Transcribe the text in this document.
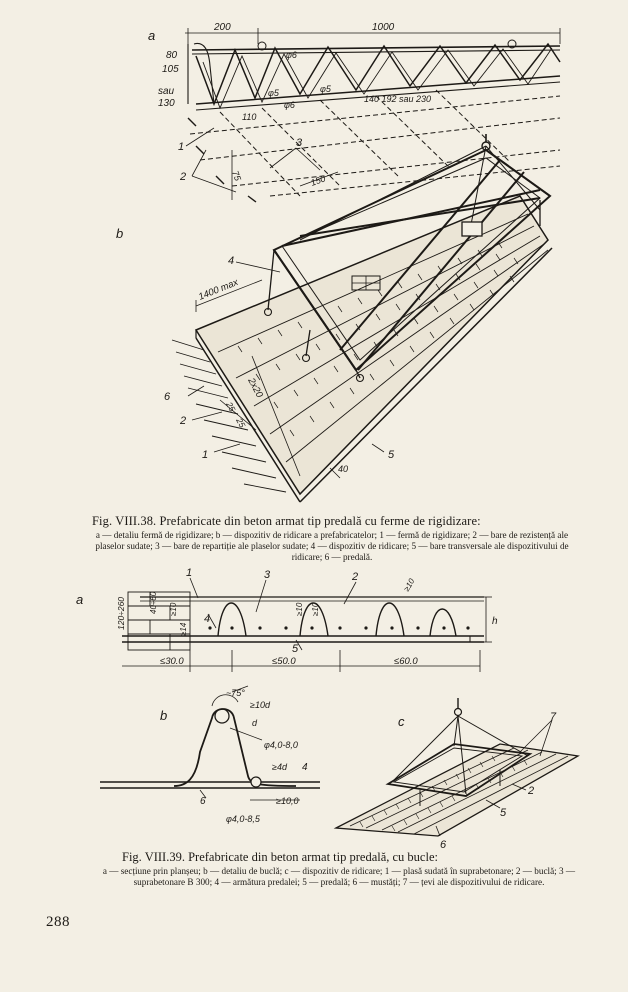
a
200	1000
80
105
sau
130
φ6
φ5	φ5
φ6
140 192 sau 230
110
1
2
3
75	150
b
4
6
2
1	5
1400 max
2x20
25
25
40
a
1	3	2
4
5
120÷260	40÷60 ≥10	≥10 ≥10
≥14
≤30.0	≤50.0	≤60.0
h
≥10
b
~75°
≥10d
d
φ4,0-8,0
≥4d 4
6	≥10,0
φ4,0-8,5
c	7
2
5
6
Fig. VIII.38. Prefabricate din beton armat tip predală cu ferme de rigidizare:
a — detaliu fermă de rigidizare; b — dispozitiv de ridicare a prefabricatelor; 1 — fermă de rigidizare; 2 — bare de rezistență ale plaselor sudate; 3 — bare de repartiție ale plaselor sudate; 4 — dispozitiv de ridicare; 5 — bare transversale ale dispozitivului de ridicare; 6 — predală.
Fig. VIII.39. Prefabricate din beton armat tip predală, cu bucle:
a — secțiune prin planșeu; b — detaliu de buclă; c — dispozitiv de ridicare; 1 — plasă sudată în suprabetonare; 2 — buclă; 3 — suprabetonare B 300; 4 — armătura predalei; 5 — predală; 6 — mustăți; 7 — țevi ale dispozitivului de ridicare.
288
